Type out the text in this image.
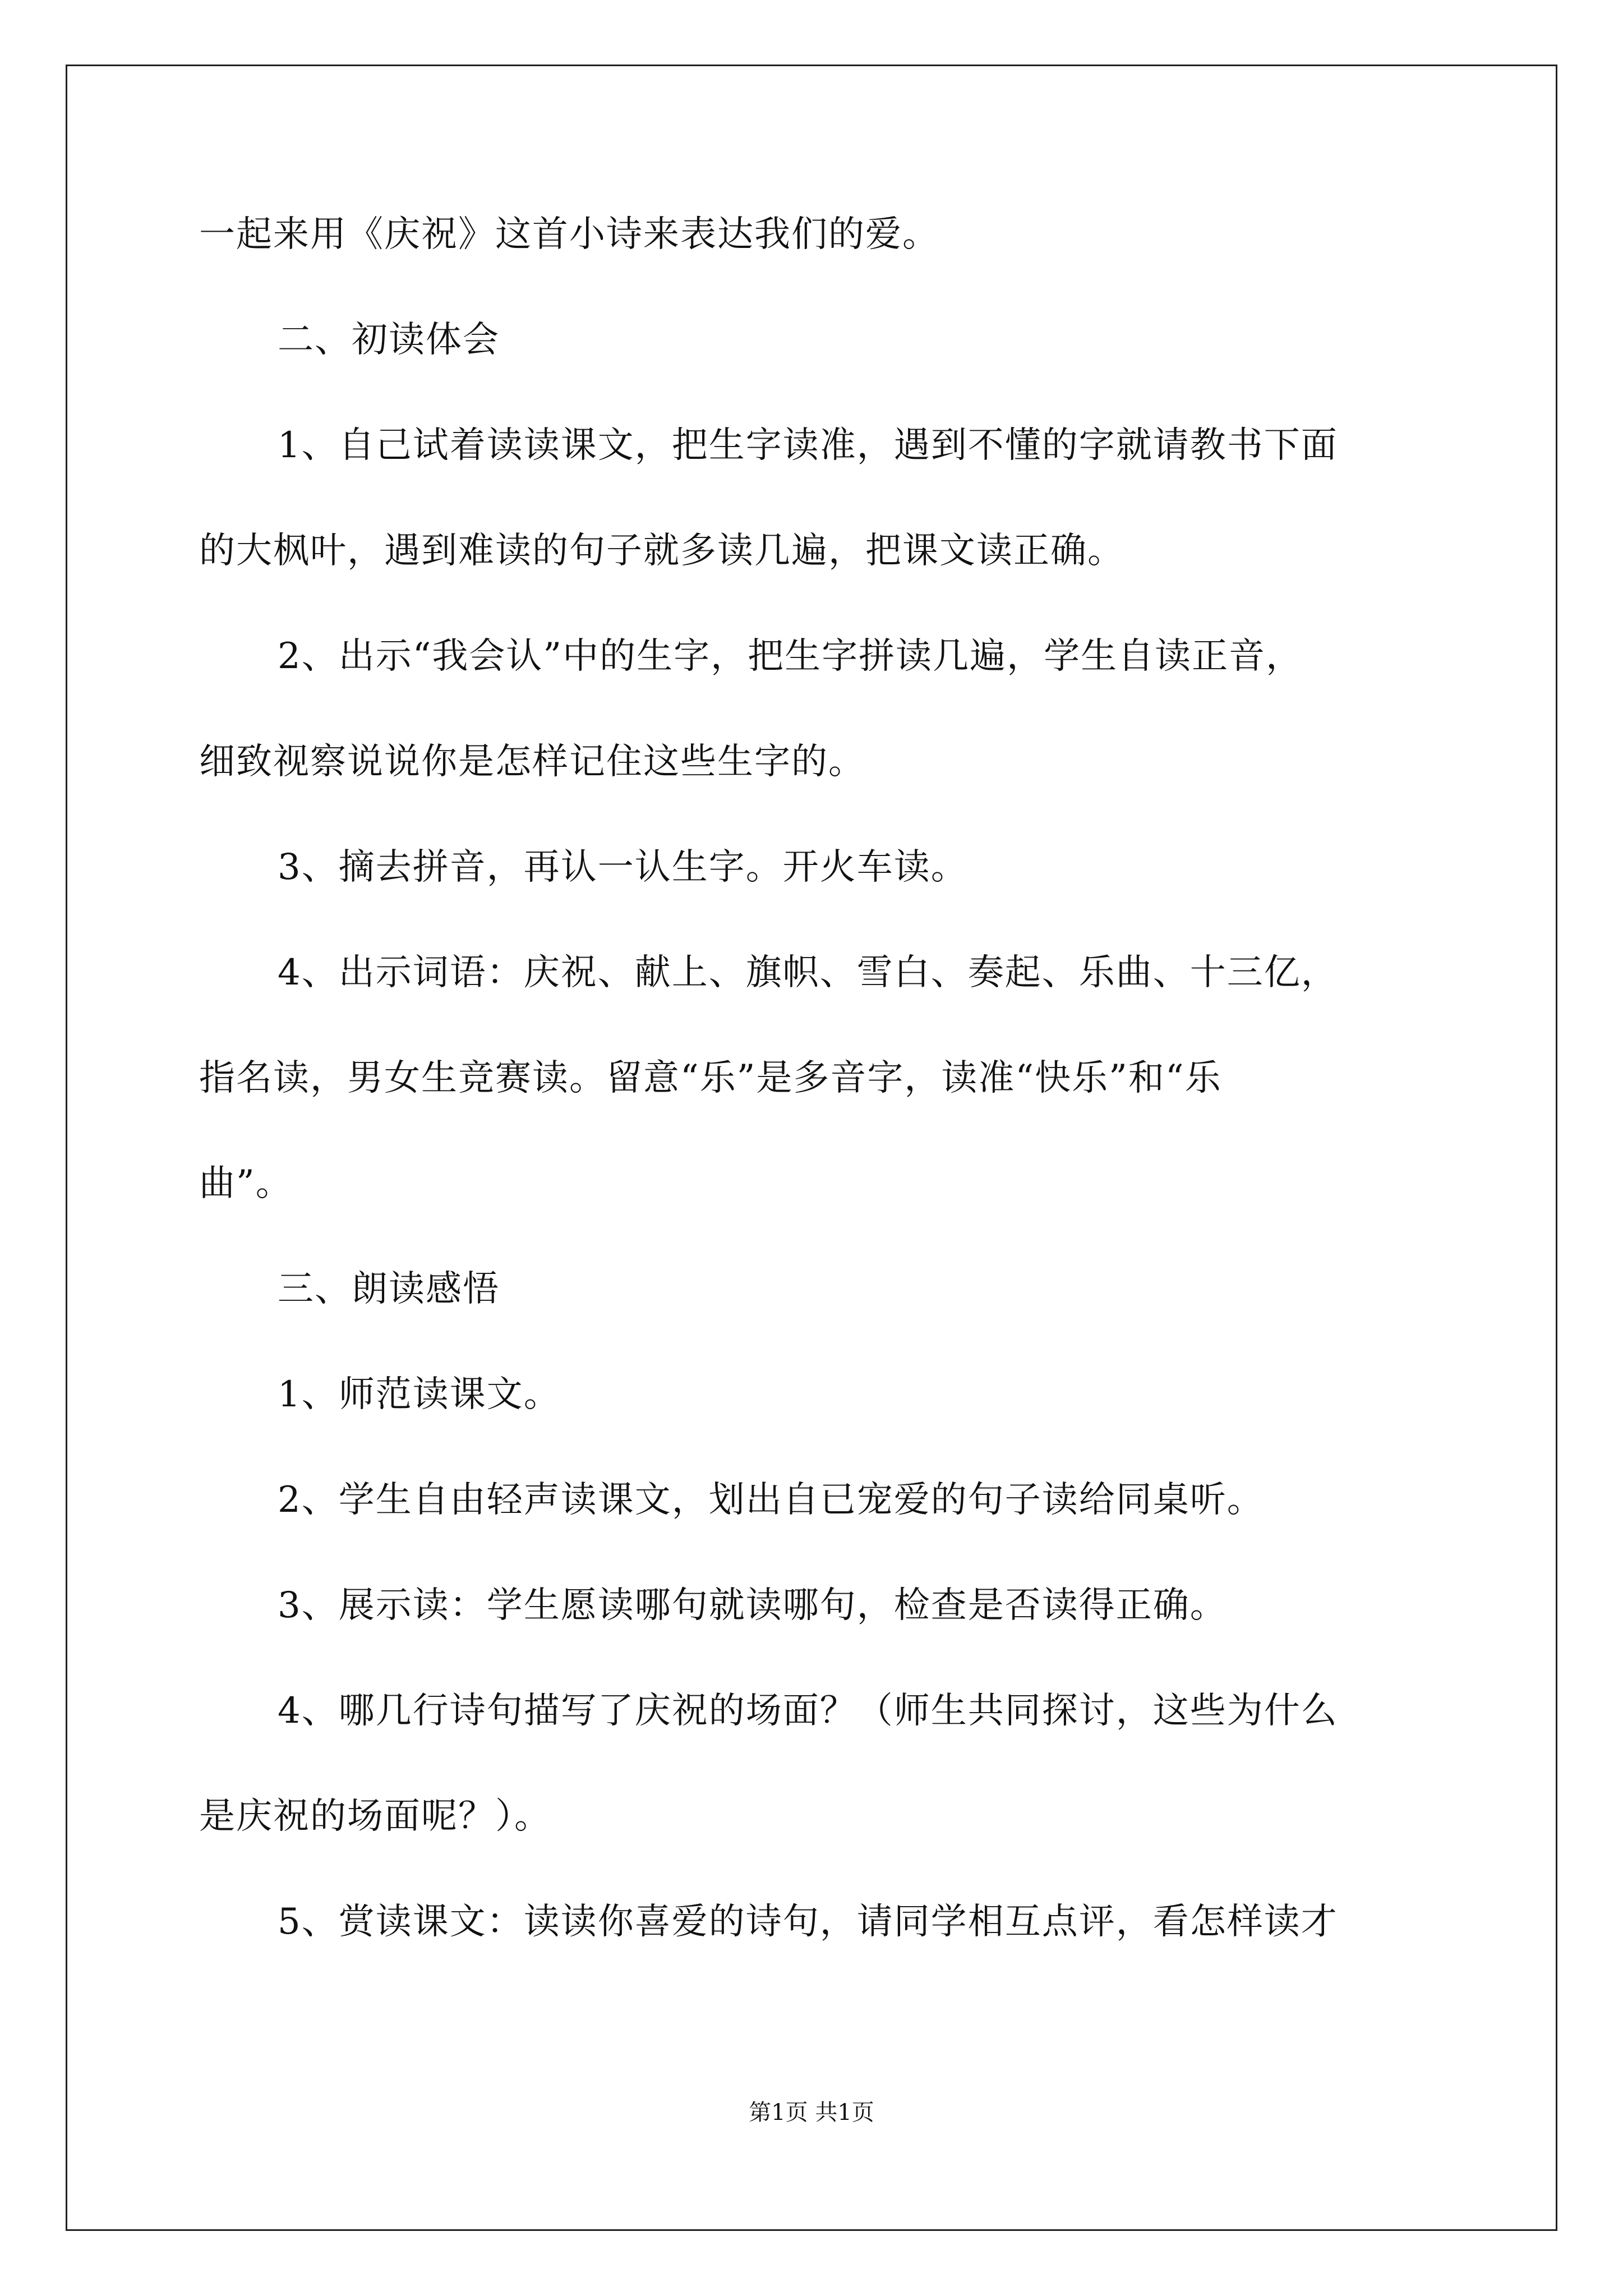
一起来用《庆祝》这首小诗来表达我们的爱。
二、初读体会
1、自己试着读读课文，把生字读准，遇到不懂的字就请教书下面
的大枫叶，遇到难读的句子就多读几遍，把课文读正确。
2、出示“我会认”中的生字，把生字拼读几遍，学生自读正音，
细致视察说说你是怎样记住这些生字的。
3、摘去拼音，再认一认生字。开火车读。
4、出示词语：庆祝、献上、旗帜、雪白、奏起、乐曲、十三亿，
指名读，男女生竞赛读。留意“乐”是多音字，读准“快乐”和“乐
曲”。
三、朗读感悟
1、师范读课文。
2、学生自由轻声读课文，划出自已宠爱的句子读给同桌听。
3、展示读：学生愿读哪句就读哪句，检查是否读得正确。
4、哪几行诗句描写了庆祝的场面？（师生共同探讨，这些为什么
是庆祝的场面呢？）。
5、赏读课文：读读你喜爱的诗句，请同学相互点评，看怎样读才
第1页 共1页
